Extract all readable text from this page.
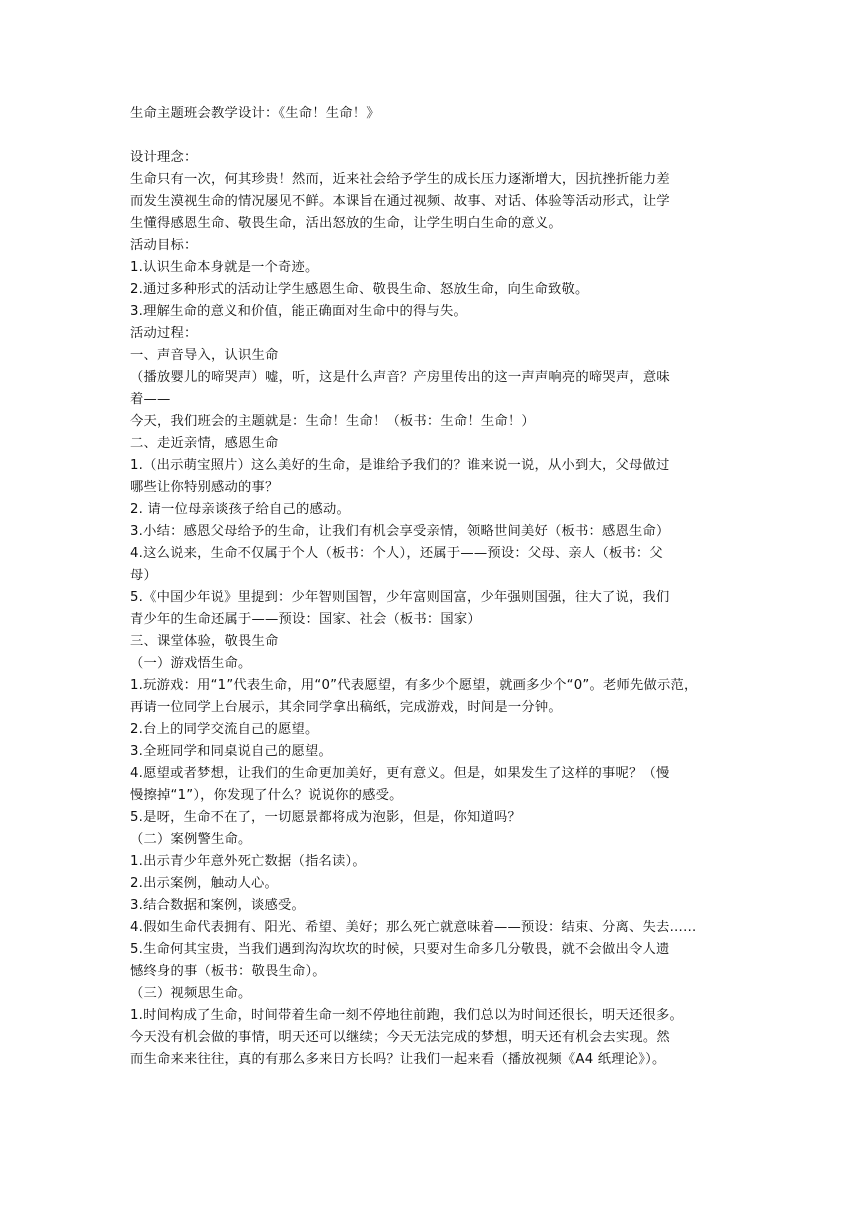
生命主题班会教学设计：《生命！生命！》
设计理念：
生命只有一次，何其珍贵！然而，近来社会给予学生的成长压力逐渐增大，因抗挫折能力差
而发生漠视生命的情况屡见不鲜。本课旨在通过视频、故事、对话、体验等活动形式，让学
生懂得感恩生命、敬畏生命，活出怒放的生命，让学生明白生命的意义。
活动目标：
1.认识生命本身就是一个奇迹。
2.通过多种形式的活动让学生感恩生命、敬畏生命、怒放生命，向生命致敬。
3.理解生命的意义和价值，能正确面对生命中的得与失。
活动过程：
一、声音导入，认识生命
（播放婴儿的啼哭声）嘘，听，这是什么声音？产房里传出的这一声声响亮的啼哭声，意味
着——
今天，我们班会的主题就是：生命！生命！（板书：生命！生命！）
二、走近亲情，感恩生命
1.（出示萌宝照片）这么美好的生命，是谁给予我们的？谁来说一说，从小到大，父母做过
哪些让你特别感动的事？
2. 请一位母亲谈孩子给自己的感动。
3.小结：感恩父母给予的生命，让我们有机会享受亲情，领略世间美好（板书：感恩生命）
4.这么说来，生命不仅属于个人（板书：个人），还属于——预设：父母、亲人（板书：父
母）
5.《中国少年说》里提到：少年智则国智，少年富则国富，少年强则国强，往大了说，我们
青少年的生命还属于——预设：国家、社会（板书：国家）
三、课堂体验，敬畏生命
（一）游戏悟生命。
1.玩游戏：用“1”代表生命，用“0”代表愿望，有多少个愿望，就画多少个“0”。老师先做示范，
再请一位同学上台展示，其余同学拿出稿纸，完成游戏，时间是一分钟。
2.台上的同学交流自己的愿望。
3.全班同学和同桌说自己的愿望。
4.愿望或者梦想，让我们的生命更加美好，更有意义。但是，如果发生了这样的事呢？（慢
慢擦掉“1”），你发现了什么？说说你的感受。
5.是呀，生命不在了，一切愿景都将成为泡影，但是，你知道吗？
（二）案例警生命。
1.出示青少年意外死亡数据（指名读）。
2.出示案例，触动人心。
3.结合数据和案例，谈感受。
4.假如生命代表拥有、阳光、希望、美好；那么死亡就意味着——预设：结束、分离、失去……
5.生命何其宝贵，当我们遇到沟沟坎坎的时候，只要对生命多几分敬畏，就不会做出令人遗
憾终身的事（板书：敬畏生命）。
（三）视频思生命。
1.时间构成了生命，时间带着生命一刻不停地往前跑，我们总以为时间还很长，明天还很多。
今天没有机会做的事情，明天还可以继续；今天无法完成的梦想，明天还有机会去实现。然
而生命来来往往，真的有那么多来日方长吗？让我们一起来看（播放视频《A4 纸理论》）。
